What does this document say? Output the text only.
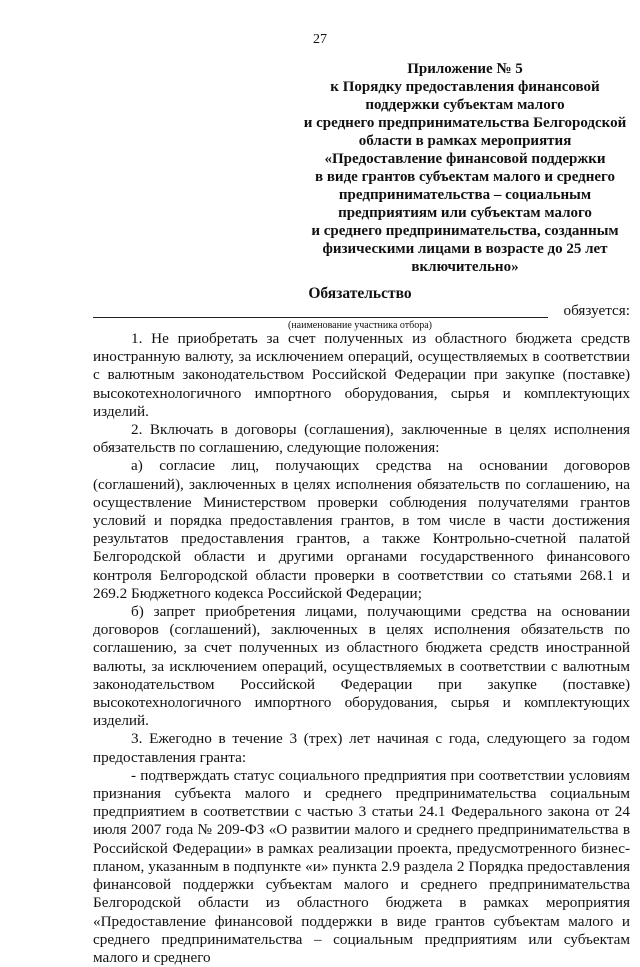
27
Приложение № 5
к Порядку предоставления финансовой
поддержки субъектам малого
и среднего предпринимательства Белгородской
области в рамках мероприятия
«Предоставление финансовой поддержки
в виде грантов субъектам малого и среднего
предпринимательства – социальным
предприятиям или субъектам малого
и среднего предпринимательства, созданным
физическими лицами в возрасте до 25 лет
включительно»
Обязательство
обязуется:
(наименование участника отбора)

1. Не приобретать за счет полученных из областного бюджета средств иностранную валюту, за исключением операций, осуществляемых в соответствии с валютным законодательством Российской Федерации при закупке (поставке) высокотехнологичного импортного оборудования, сырья и комплектующих изделий.

2. Включать в договоры (соглашения), заключенные в целях исполнения обязательств по соглашению, следующие положения:

а) согласие лиц, получающих средства на основании договоров (соглашений), заключенных в целях исполнения обязательств по соглашению, на осуществление Министерством проверки соблюдения получателями грантов условий и порядка предоставления грантов, в том числе в части достижения результатов предоставления грантов, а также Контрольно-счетной палатой Белгородской области и другими органами государственного финансового контроля Белгородской области проверки в соответствии со статьями 268.1 и 269.2 Бюджетного кодекса Российской Федерации;

б) запрет приобретения лицами, получающими средства на основании договоров (соглашений), заключенных в целях исполнения обязательств по соглашению, за счет полученных из областного бюджета средств иностранной валюты, за исключением операций, осуществляемых в соответствии с валютным законодательством Российской Федерации при закупке (поставке) высокотехнологичного импортного оборудования, сырья и комплектующих изделий.

3. Ежегодно в течение 3 (трех) лет начиная с года, следующего за годом предоставления гранта:

- подтверждать статус социального предприятия при соответствии условиям признания субъекта малого и среднего предпринимательства социальным предприятием в соответствии с частью 3 статьи 24.1 Федерального закона от 24 июля 2007 года № 209-ФЗ «О развитии малого и среднего предпринимательства в Российской Федерации» в рамках реализации проекта, предусмотренного бизнес-планом, указанным в подпункте «и» пункта 2.9 раздела 2 Порядка предоставления финансовой поддержки субъектам малого и среднего предпринимательства Белгородской области из областного бюджета в рамках мероприятия «Предоставление финансовой поддержки в виде грантов субъектам малого и среднего предпринимательства – социальным предприятиям или субъектам малого и среднего
